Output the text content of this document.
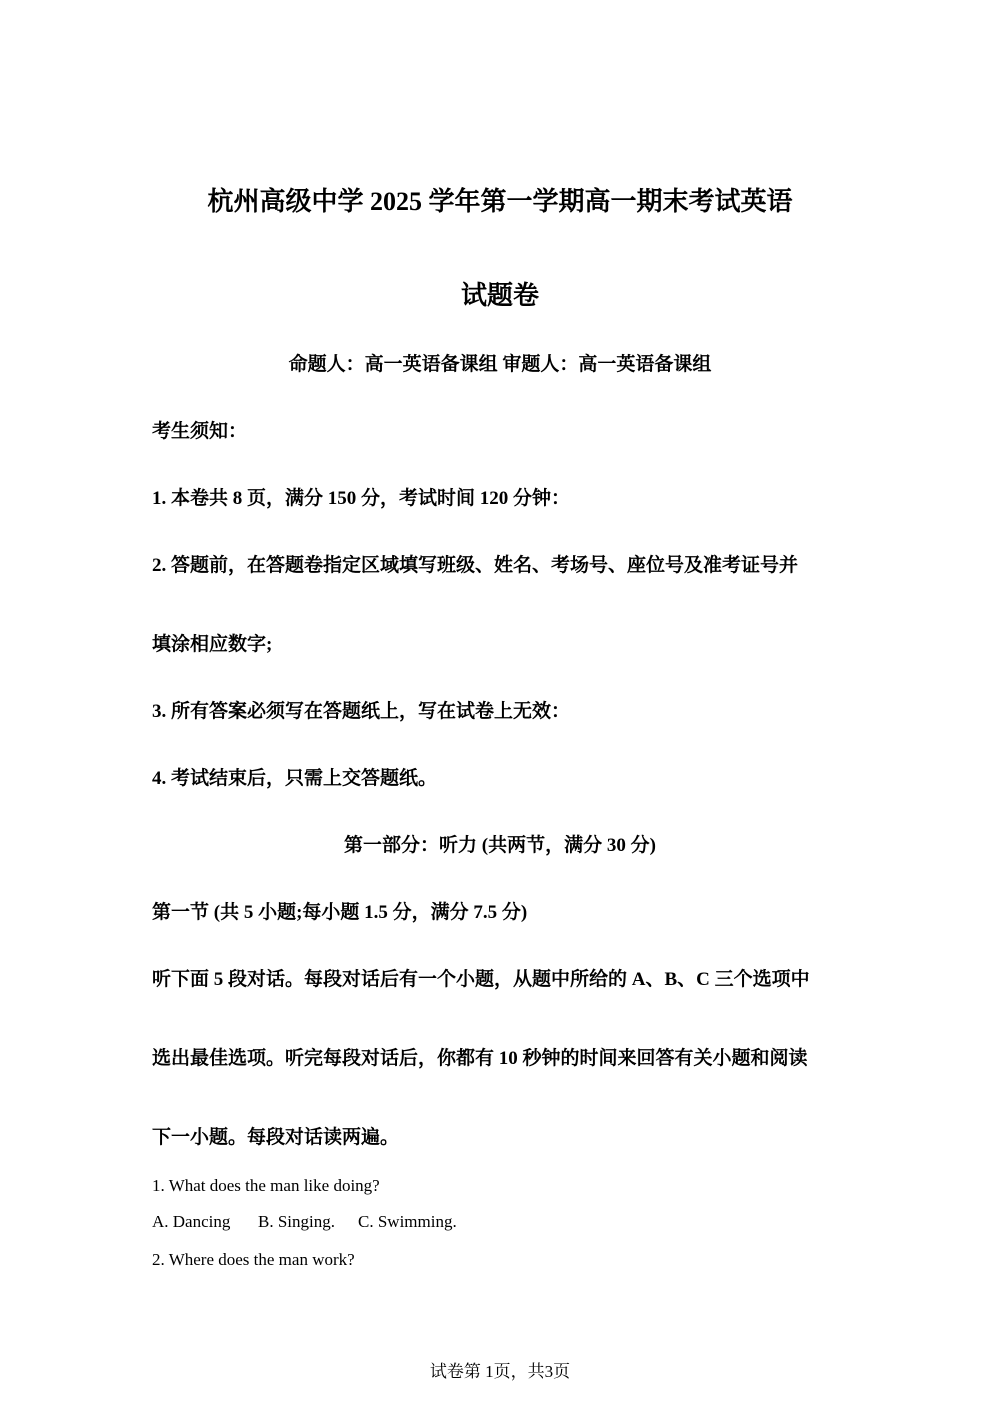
杭州高级中学 2025 学年第一学期高一期末考试英语
试题卷
命题人：高一英语备课组 审题人：高一英语备课组
考生须知：
1. 本卷共 8 页，满分 150 分，考试时间 120 分钟：
2. 答题前，在答题卷指定区域填写班级、姓名、考场号、座位号及准考证号并
填涂相应数字;
3. 所有答案必须写在答题纸上，写在试卷上无效：
4. 考试结束后，只需上交答题纸。
第一部分：听力 (共两节，满分 30 分)
第一节 (共 5 小题;每小题 1.5 分，满分 7.5 分)
听下面 5 段对话。每段对话后有一个小题，从题中所给的 A、B、C 三个选项中
选出最佳选项。听完每段对话后，你都有 10 秒钟的时间来回答有关小题和阅读
下一小题。每段对话读两遍。
1. What does the man like doing?
A. Dancing B. Singing. C. Swimming.
2. Where does the man work?
试卷第 1页，共3页
